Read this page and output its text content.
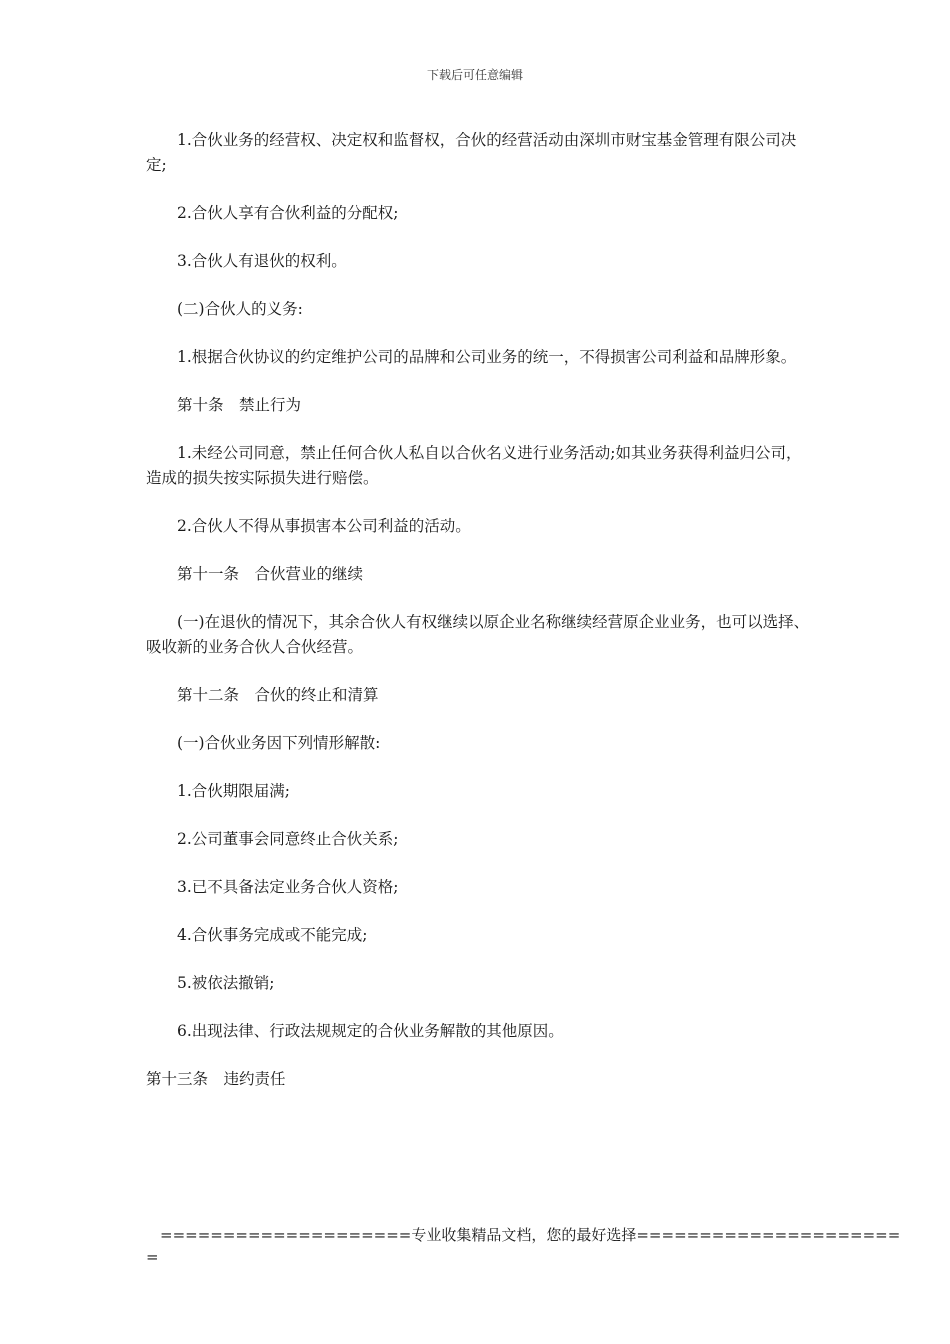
下载后可任意编辑

1.合伙业务的经营权、决定权和监督权，合伙的经营活动由深圳市财宝基金管理有限公司决定;

2.合伙人享有合伙利益的分配权;

3.合伙人有退伙的权利。

(二)合伙人的义务:

1.根据合伙协议的约定维护公司的品牌和公司业务的统一，不得损害公司利益和品牌形象。

第十条　禁止行为

1.未经公司同意，禁止任何合伙人私自以合伙名义进行业务活动;如其业务获得利益归公司，造成的损失按实际损失进行赔偿。

2.合伙人不得从事损害本公司利益的活动。

第十一条　合伙营业的继续

(一)在退伙的情况下，其余合伙人有权继续以原企业名称继续经营原企业业务，也可以选择、吸收新的业务合伙人合伙经营。

第十二条　合伙的终止和清算

(一)合伙业务因下列情形解散:

1.合伙期限届满;

2.公司董事会同意终止合伙关系;

3.已不具备法定业务合伙人资格;

4.合伙事务完成或不能完成;

5.被依法撤销;

6.出现法律、行政法规规定的合伙业务解散的其他原因。

第十三条　违约责任

====================专业收集精品文档，您的最好选择=====================
=
